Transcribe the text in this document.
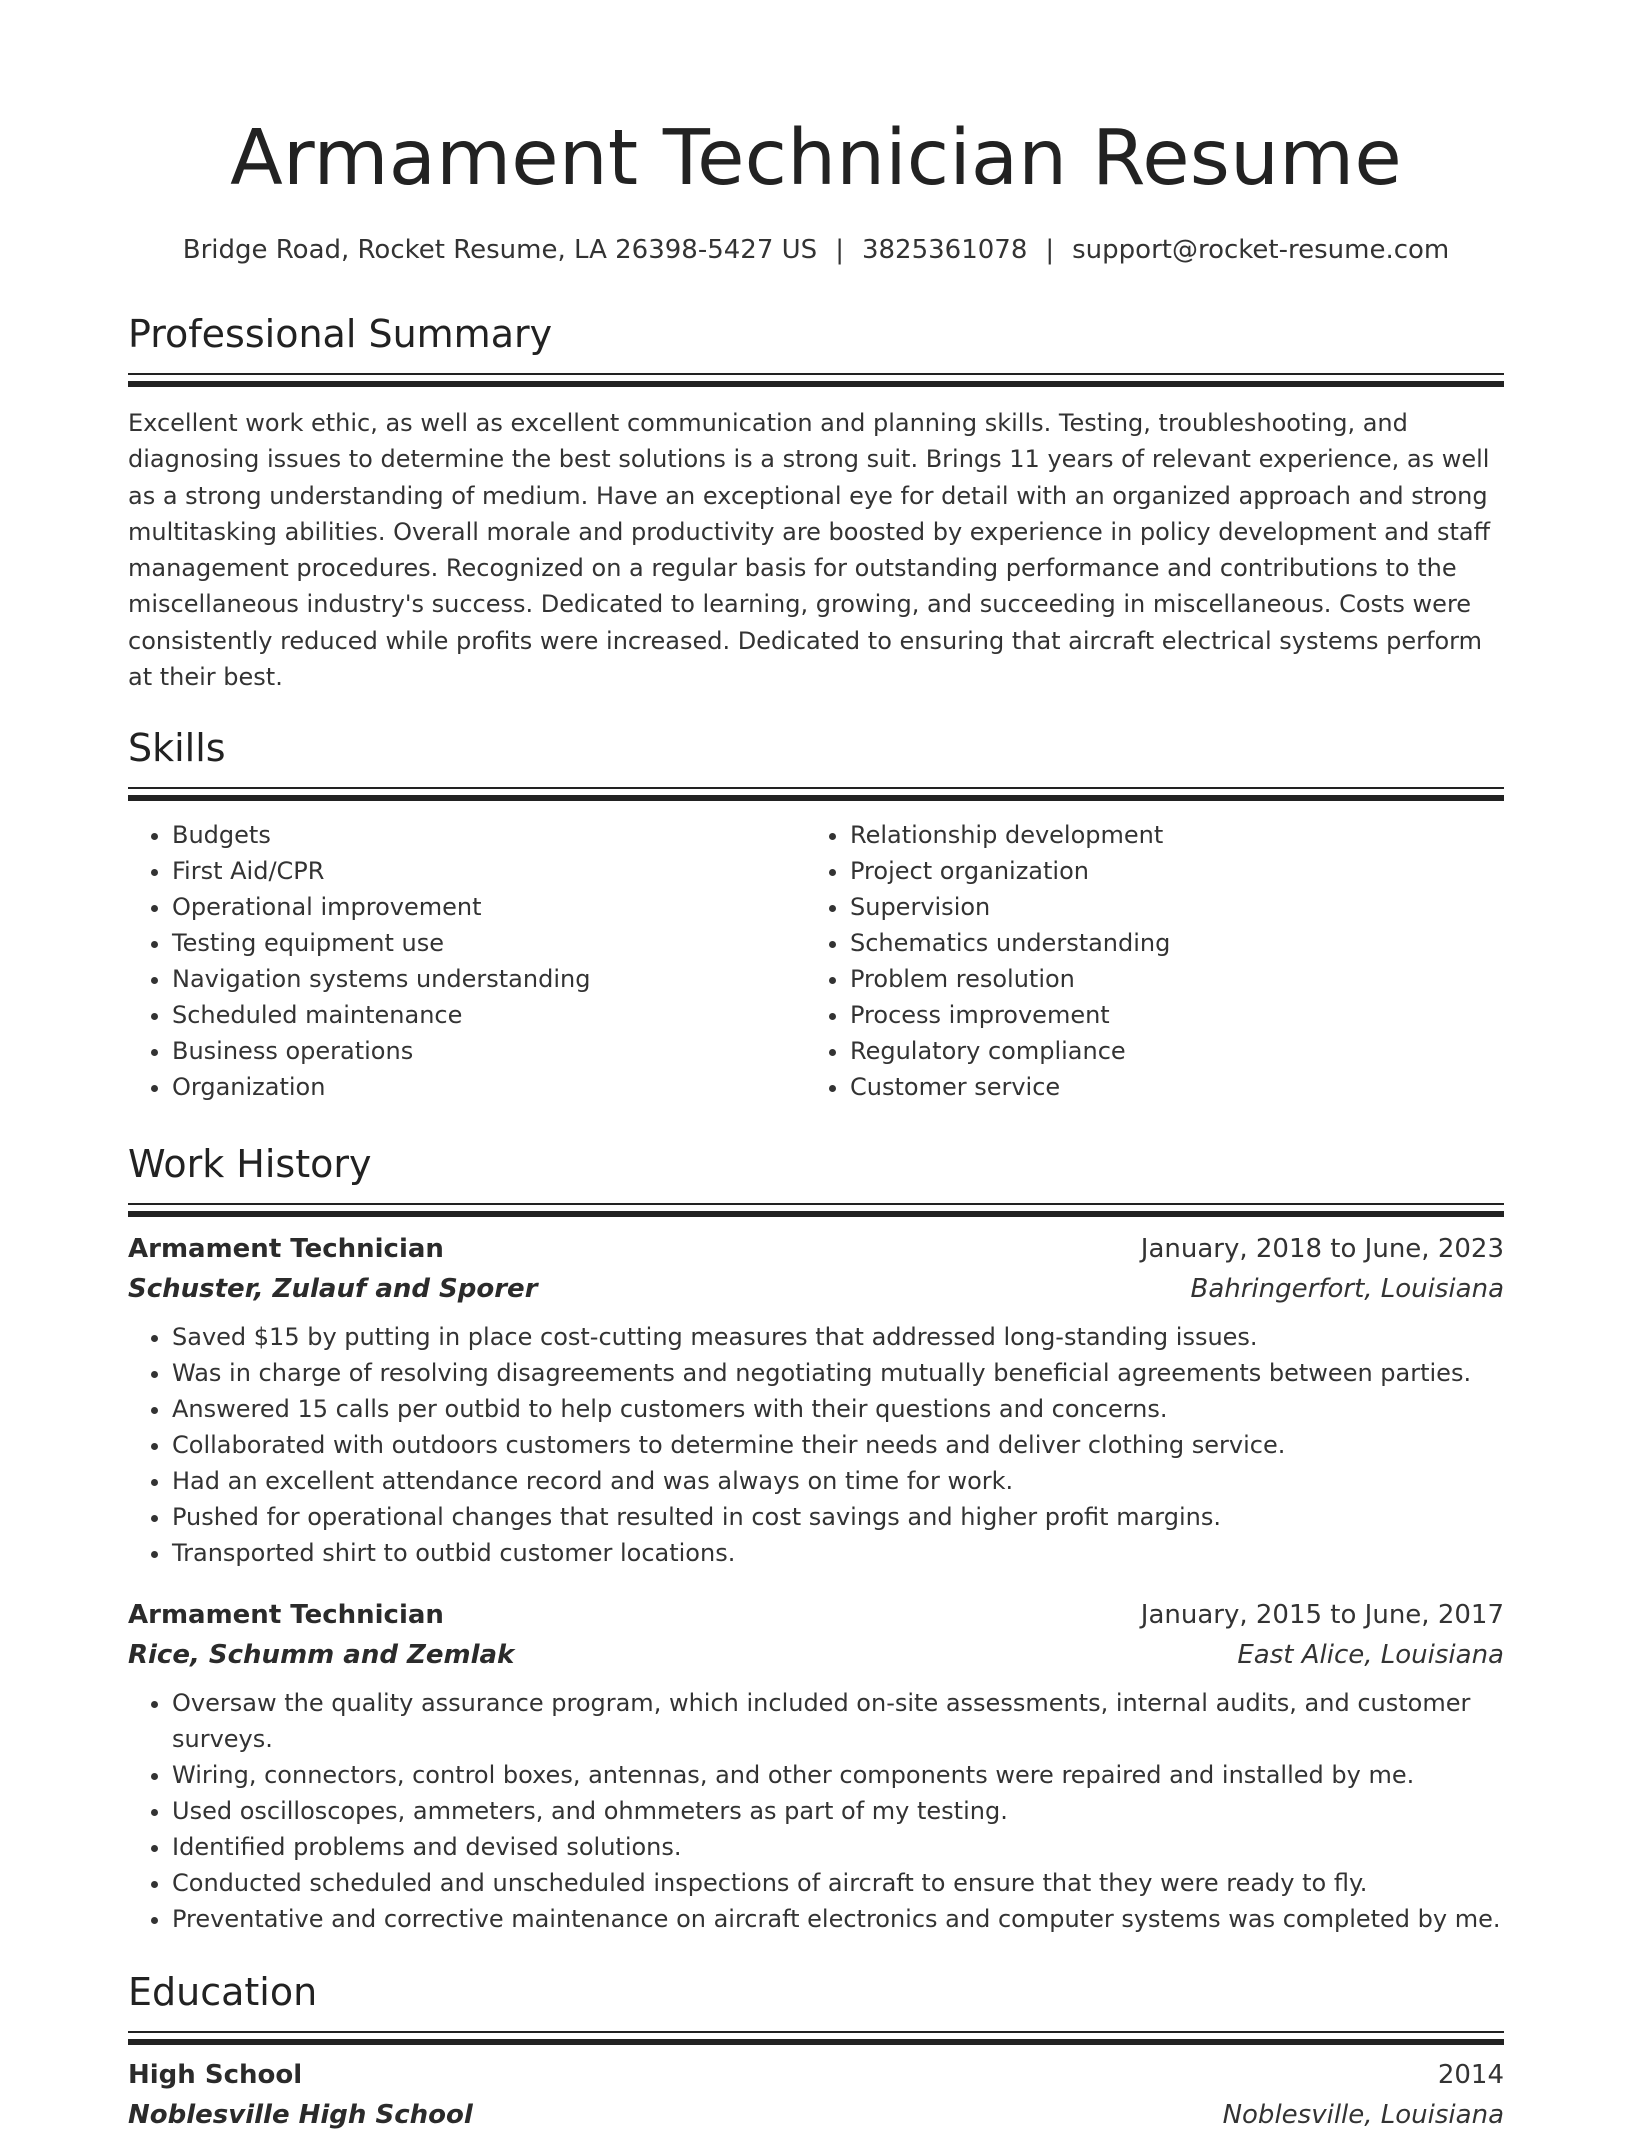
Armament Technician Resume
Bridge Road, Rocket Resume, LA 26398-5427 US | 3825361078 | support@rocket-resume.com
Professional Summary

Excellent work ethic, as well as excellent communication and planning skills. Testing, troubleshooting, and diagnosing issues to determine the best solutions is a strong suit. Brings 11 years of relevant experience, as well as a strong understanding of medium. Have an exceptional eye for detail with an organized approach and strong multitasking abilities. Overall morale and productivity are boosted by experience in policy development and staff management procedures. Recognized on a regular basis for outstanding performance and contributions to the miscellaneous industry's success. Dedicated to learning, growing, and succeeding in miscellaneous. Costs were consistently reduced while profits were increased. Dedicated to ensuring that aircraft electrical systems perform at their best.

Skills
• Budgets
• First Aid/CPR
• Operational improvement
• Testing equipment use
• Navigation systems understanding
• Scheduled maintenance
• Business operations
• Organization
• Relationship development
• Project organization
• Supervision
• Schematics understanding
• Problem resolution
• Process improvement
• Regulatory compliance
• Customer service
Work History
Armament Technician	January, 2018 to June, 2023
Schuster, Zulauf and Sporer	Bahringerfort, Louisiana
• Saved $15 by putting in place cost-cutting measures that addressed long-standing issues.
• Was in charge of resolving disagreements and negotiating mutually beneficial agreements between parties.
• Answered 15 calls per outbid to help customers with their questions and concerns.
• Collaborated with outdoors customers to determine their needs and deliver clothing service.
• Had an excellent attendance record and was always on time for work.
• Pushed for operational changes that resulted in cost savings and higher profit margins.
• Transported shirt to outbid customer locations.
Armament Technician	January, 2015 to June, 2017
Rice, Schumm and Zemlak	East Alice, Louisiana
• Oversaw the quality assurance program, which included on-site assessments, internal audits, and customer surveys.
• Wiring, connectors, control boxes, antennas, and other components were repaired and installed by me.
• Used oscilloscopes, ammeters, and ohmmeters as part of my testing.
• Identified problems and devised solutions.
• Conducted scheduled and unscheduled inspections of aircraft to ensure that they were ready to fly.
• Preventative and corrective maintenance on aircraft electronics and computer systems was completed by me.
Education
High School	2014
Noblesville High School	Noblesville, Louisiana
